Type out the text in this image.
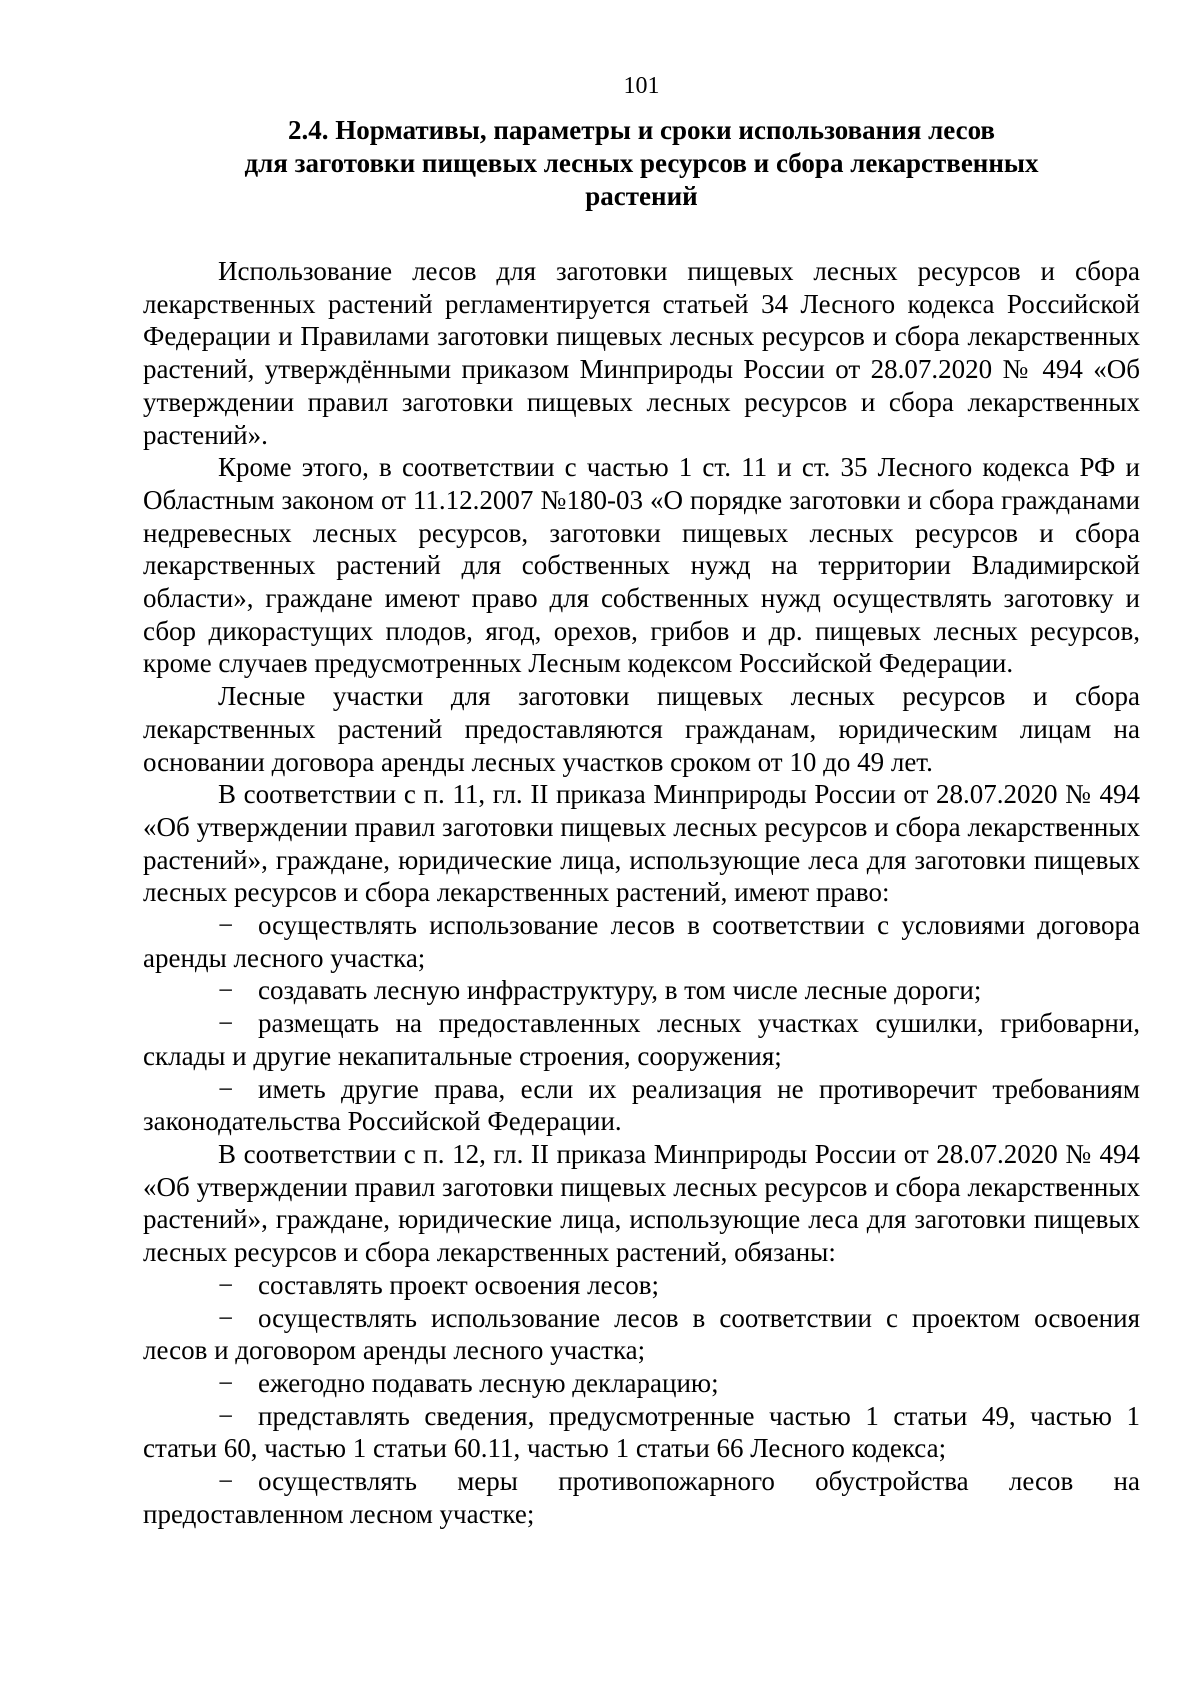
101
2.4. Нормативы, параметры и сроки использования лесов
для заготовки пищевых лесных ресурсов и сбора лекарственных
растений

Использование лесов для заготовки пищевых лесных ресурсов и сбора лекарственных растений регламентируется статьей 34 Лесного кодекса Российской Федерации и Правилами заготовки пищевых лесных ресурсов и сбора лекарственных растений, утверждёнными приказом Минприроды России от 28.07.2020 № 494 «Об утверждении правил заготовки пищевых лесных ресурсов и сбора лекарственных растений».

Кроме этого, в соответствии с частью 1 ст. 11 и ст. 35 Лесного кодекса РФ и Областным законом от 11.12.2007 №180-03 «О порядке заготовки и сбора гражданами недревесных лесных ресурсов, заготовки пищевых лесных ресурсов и сбора лекарственных растений для собственных нужд на территории Владимирской области», граждане имеют право для собственных нужд осуществлять заготовку и сбор дикорастущих плодов, ягод, орехов, грибов и др. пищевых лесных ресурсов, кроме случаев предусмотренных Лесным кодексом Российской Федерации.

Лесные участки для заготовки пищевых лесных ресурсов и сбора лекарственных растений предоставляются гражданам, юридическим лицам на основании договора аренды лесных участков сроком от 10 до 49 лет.

В соответствии с п. 11, гл. II приказа Минприроды России от 28.07.2020 № 494 «Об утверждении правил заготовки пищевых лесных ресурсов и сбора лекарственных растений», граждане, юридические лица, использующие леса для заготовки пищевых лесных ресурсов и сбора лекарственных растений, имеют право:

− осуществлять использование лесов в соответствии с условиями договора аренды лесного участка;

− создавать лесную инфраструктуру, в том числе лесные дороги;

− размещать на предоставленных лесных участках сушилки, грибоварни, склады и другие некапитальные строения, сооружения;

− иметь другие права, если их реализация не противоречит требованиям законодательства Российской Федерации.

В соответствии с п. 12, гл. II приказа Минприроды России от 28.07.2020 № 494 «Об утверждении правил заготовки пищевых лесных ресурсов и сбора лекарственных растений», граждане, юридические лица, использующие леса для заготовки пищевых лесных ресурсов и сбора лекарственных растений, обязаны:

− составлять проект освоения лесов;

− осуществлять использование лесов в соответствии с проектом освоения лесов и договором аренды лесного участка;

− ежегодно подавать лесную декларацию;

− представлять сведения, предусмотренные частью 1 статьи 49, частью 1 статьи 60, частью 1 статьи 60.11, частью 1 статьи 66 Лесного кодекса;

− осуществлять меры противопожарного обустройства лесов на предоставленном лесном участке;
